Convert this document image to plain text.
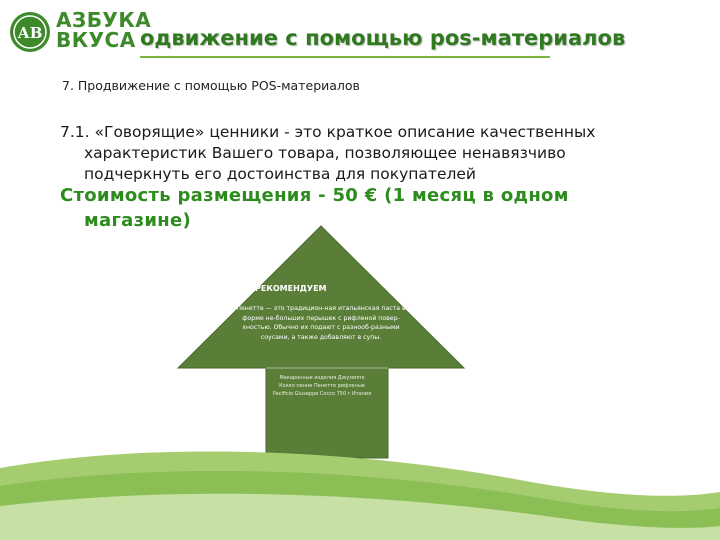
АВ
АЗБУКА
ВКУСА одвижение с помощью pos-материалов

7. Продвижение с помощью POS-материалов

7.1. «Говорящие» ценники - это краткое описание качественных характеристик Вашего товара, позволяющее ненавязчиво подчеркнуть его достоинства для покупателей

Стоимость размещения - 50 € (1 месяц в одном магазине)

РЕКОМЕНДУЕМ
Пенетте — это традицион-ная итальянская паста в форме не-больших перышек с рифленой повер-хностью. Обычно их подают с разнооб-разными соусами, а также добавляют в супы.
Макаронные изделия Джузеппе Кокко пенне Пенетте рифленые Pacificio Giuseppe Cocco 750 г Италия
